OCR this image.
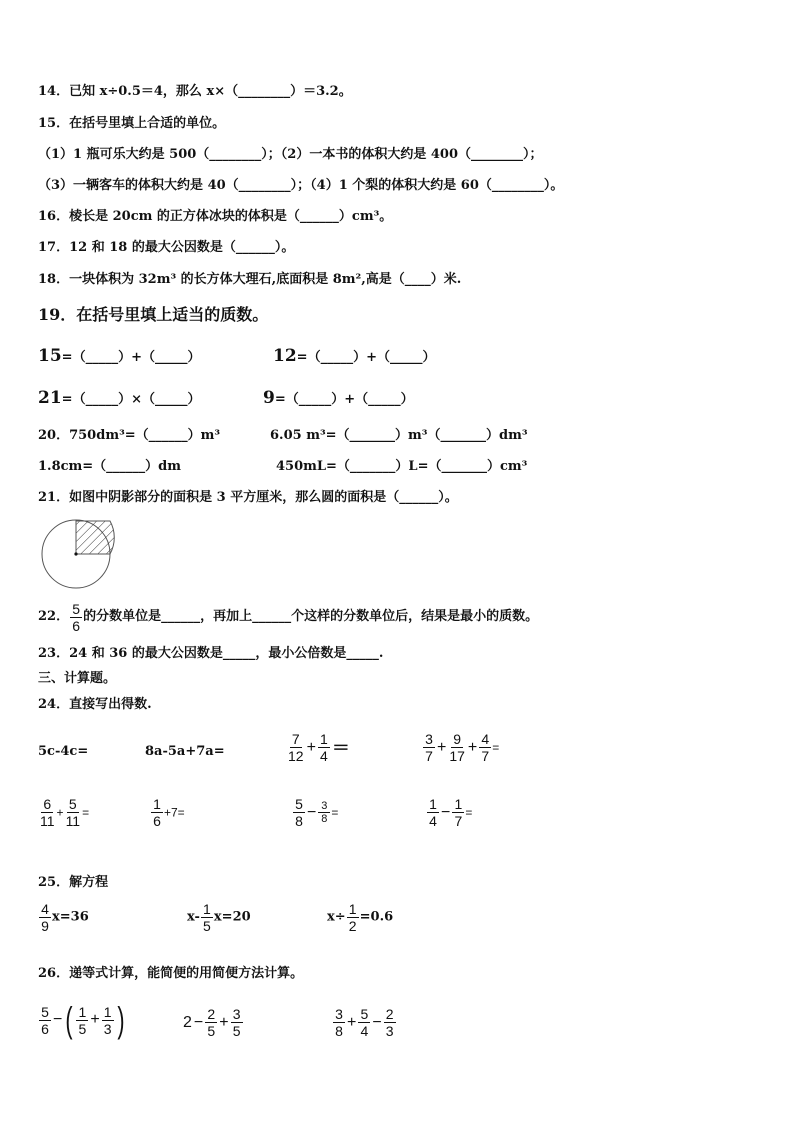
14．已知 x÷0.5＝4，那么 x×（________）＝3.2。
15．在括号里填上合适的单位。
（1）1 瓶可乐大约是 500（________）；（2）一本书的体积大约是 400（________）；
（3）一辆客车的体积大约是 40（________）；（4）1 个梨的体积大约是 60（________）。
16．棱长是 20cm 的正方体冰块的体积是（______）cm³。
17．12 和 18 的最大公因数是（______）。
18．一块体积为 32m³ 的长方体大理石,底面积是 8m²,高是（____）米.
19．在括号里填上适当的质数。
15=（_____）+（_____）	12=（_____）+（_____）
21=（_____）×（_____）	9=（_____）+（_____）
20．750dm³=（______）m³	6.05 m³=（_______）m³（_______）dm³
1.8cm=（______）dm	450mL=（_______）L=（_______）cm³
21．如图中阴影部分的面积是 3 平方厘米，那么圆的面积是（______）。
22． $\frac{5}{6}$ 的分数单位是______，再加上______个这样的分数单位后，结果是最小的质数。
23．24 和 36 的最大公因数是_____，最小公倍数是_____.
三、计算题。
24．直接写出得数.
5c-4c=	8a-5a+7a=	$\frac{7}{12} + \frac{1}{4}$ ＝	$\frac{3}{7} + \frac{9}{17} + \frac{4}{7}$ =
$\frac{6}{11} + \frac{5}{11}$ =	$\frac{1}{6} +7=$	$\frac{5}{8} - \frac{3}{8}$ =	$\frac{1}{4} - \frac{1}{7}$ =
25．解方程
$\frac{4}{9} x=36$	$x- \frac{1}{5} x=20$	$x\div \frac{1}{2} =0.6$
26．递等式计算，能简便的用简便方法计算。
$\frac{5}{6}$ −( $\frac{1}{5} + \frac{1}{3}$ )	$2 - \frac{2}{5} + \frac{3}{5}$	$\frac{3}{8} + \frac{5}{4} - \frac{2}{3}$
